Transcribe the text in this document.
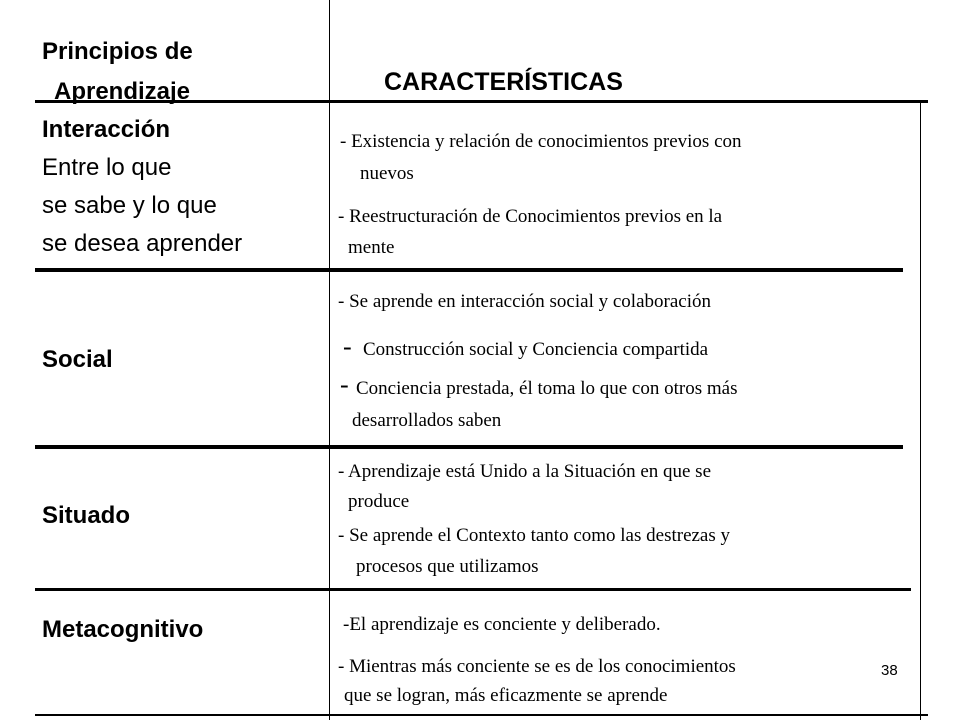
Principios de
Aprendizaje	CARACTERÍSTICAS
Interacción
Entre lo que
se sabe y lo que
se desea aprender
- Existencia y relación de conocimientos previos con
nuevos
- Reestructuración de Conocimientos previos en la
mente
Social
- Se aprende en interacción social y colaboración
- Construcción social y Conciencia compartida
- Conciencia prestada, él toma lo que con otros más
desarrollados saben
Situado
- Aprendizaje está Unido a la Situación en que se
produce
- Se aprende el Contexto tanto como las destrezas y
procesos que utilizamos
Metacognitivo	-El aprendizaje es conciente y deliberado.
- Mientras más conciente se es de los conocimientos
que se logran, más eficazmente se aprende
38
